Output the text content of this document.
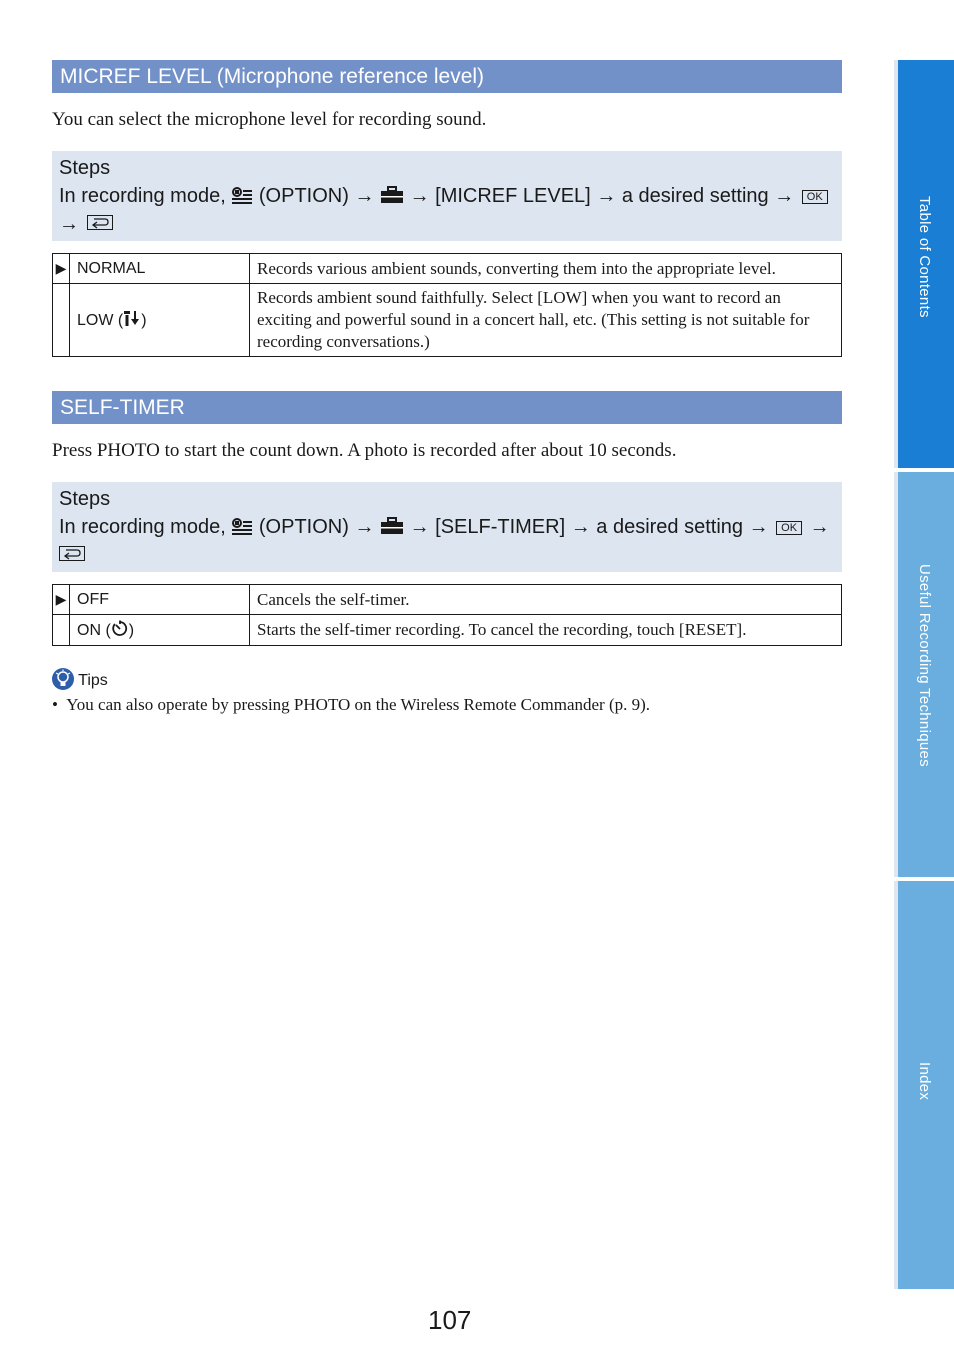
MICREF LEVEL (Microphone reference level)
You can select the microphone level for recording sound.
Steps
In recording mode, (OPTION) → → [MICREF LEVEL] → a desired setting → OK
→
▶	NORMAL	Records various ambient sounds, converting them into the appropriate level.
	LOW ( )	Records ambient sound faithfully. Select [LOW] when you want to record an exciting and powerful sound in a concert hall, etc. (This setting is not suitable for recording conversations.)
SELF-TIMER
Press PHOTO to start the count down. A photo is recorded after about 10 seconds.
Steps
In recording mode, (OPTION) → → [SELF-TIMER] → a desired setting → OK →
▶	OFF	Cancels the self-timer.
	ON ( )	Starts the self-timer recording. To cancel the recording, touch [RESET].
Tips
• You can also operate by pressing PHOTO on the Wireless Remote Commander (p. 9).
107
Table of Contents
Useful Recording Techniques
Index
